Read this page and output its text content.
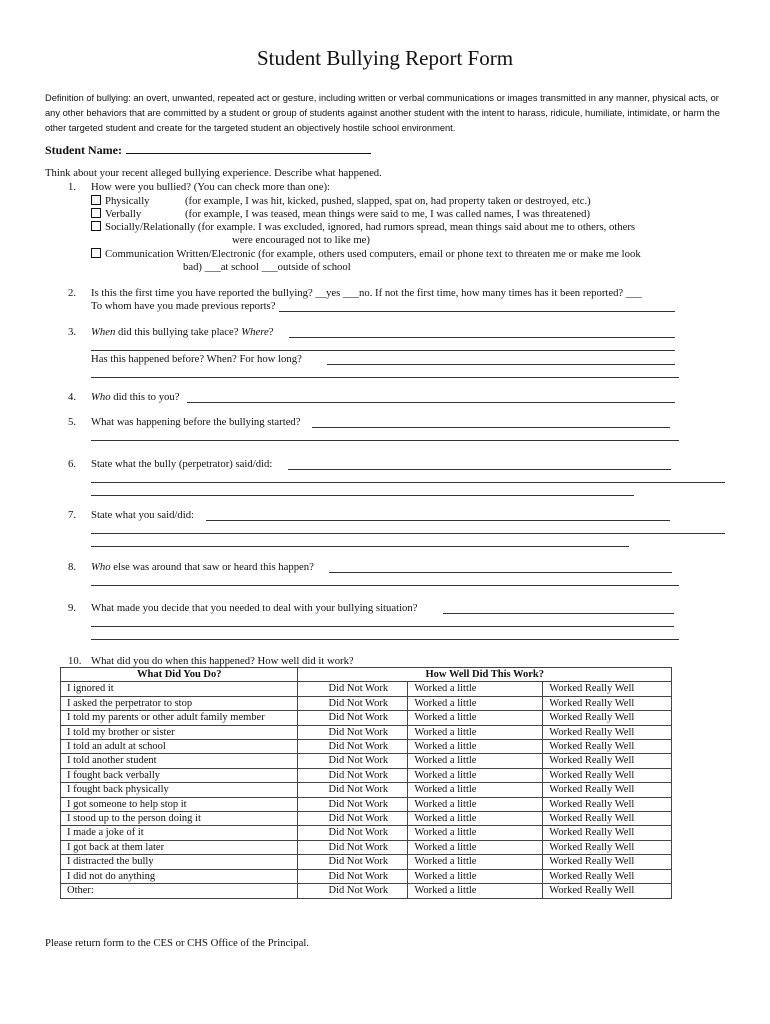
Student Bullying Report Form
Definition of bullying: an overt, unwanted, repeated act or gesture, including written or verbal communications or images transmitted in any manner, physical acts, or any other behaviors that are committed by a student or group of students against another student with the intent to harass, ridicule, humiliate, intimidate, or harm the other targeted student and create for the targeted student an objectively hostile school environment.
Student Name:
Think about your recent alleged bullying experience. Describe what happened.
1. How were you bullied? (You can check more than one):
Physically	(for example, I was hit, kicked, pushed, slapped, spat on, had property taken or destroyed, etc.)
Verbally	(for example, I was teased, mean things were said to me, I was called names, I was threatened)
Socially/Relationally (for example. I was excluded, ignored, had rumors spread, mean things said about me to others, others
were encouraged not to like me)
Communication Written/Electronic (for example, others used computers, email or phone text to threaten me or make me look
bad) ___at school ___outside of school
2. Is this the first time you have reported the bullying? __yes ___no. If not the first time, how many times has it been reported? ___
To whom have you made previous reports?
3. When did this bullying take place? Where?
Has this happened before? When? For how long?
4. Who did this to you?
5. What was happening before the bullying started?
6. State what the bully (perpetrator) said/did:
7. State what you said/did:
8. Who else was around that saw or heard this happen?
9. What made you decide that you needed to deal with your bullying situation?
10. What did you do when this happened? How well did it work?
What Did You Do?	How Well Did This Work?		
I ignored it	Did Not Work	Worked a little	Worked Really Well
I asked the perpetrator to stop	Did Not Work	Worked a little	Worked Really Well
I told my parents or other adult family member	Did Not Work	Worked a little	Worked Really Well
I told my brother or sister	Did Not Work	Worked a little	Worked Really Well
I told an adult at school	Did Not Work	Worked a little	Worked Really Well
I told another student	Did Not Work	Worked a little	Worked Really Well
I fought back verbally	Did Not Work	Worked a little	Worked Really Well
I fought back physically	Did Not Work	Worked a little	Worked Really Well
I got someone to help stop it	Did Not Work	Worked a little	Worked Really Well
I stood up to the person doing it	Did Not Work	Worked a little	Worked Really Well
I made a joke of it	Did Not Work	Worked a little	Worked Really Well
I got back at them later	Did Not Work	Worked a little	Worked Really Well
I distracted the bully	Did Not Work	Worked a little	Worked Really Well
I did not do anything	Did Not Work	Worked a little	Worked Really Well
Other:	Did Not Work	Worked a little	Worked Really Well
Please return form to the CES or CHS Office of the Principal.
